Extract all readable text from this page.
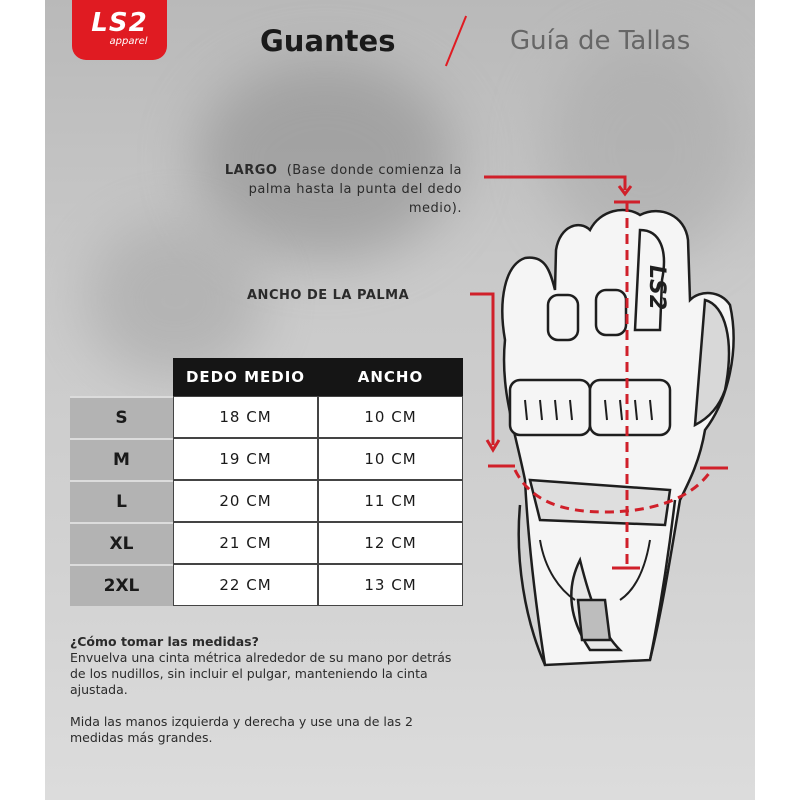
LS2
apparel	Guantes	Guía de Tallas
LARGO (Base donde comienza la palma hasta la punta del dedo medio).
ANCHO DE LA PALMA	LS2
	DEDO MEDIO	ANCHO
S	18 CM	10 CM
M	19 CM	10 CM
L	20 CM	11 CM
XL	21 CM	12 CM
2XL	22 CM	13 CM

¿Cómo tomar las medidas?

Envuelva una cinta métrica alrededor de su mano por detrás de los nudillos, sin incluir el pulgar, manteniendo la cinta ajustada.

Mida las manos izquierda y derecha y use una de las 2 medidas más grandes.
